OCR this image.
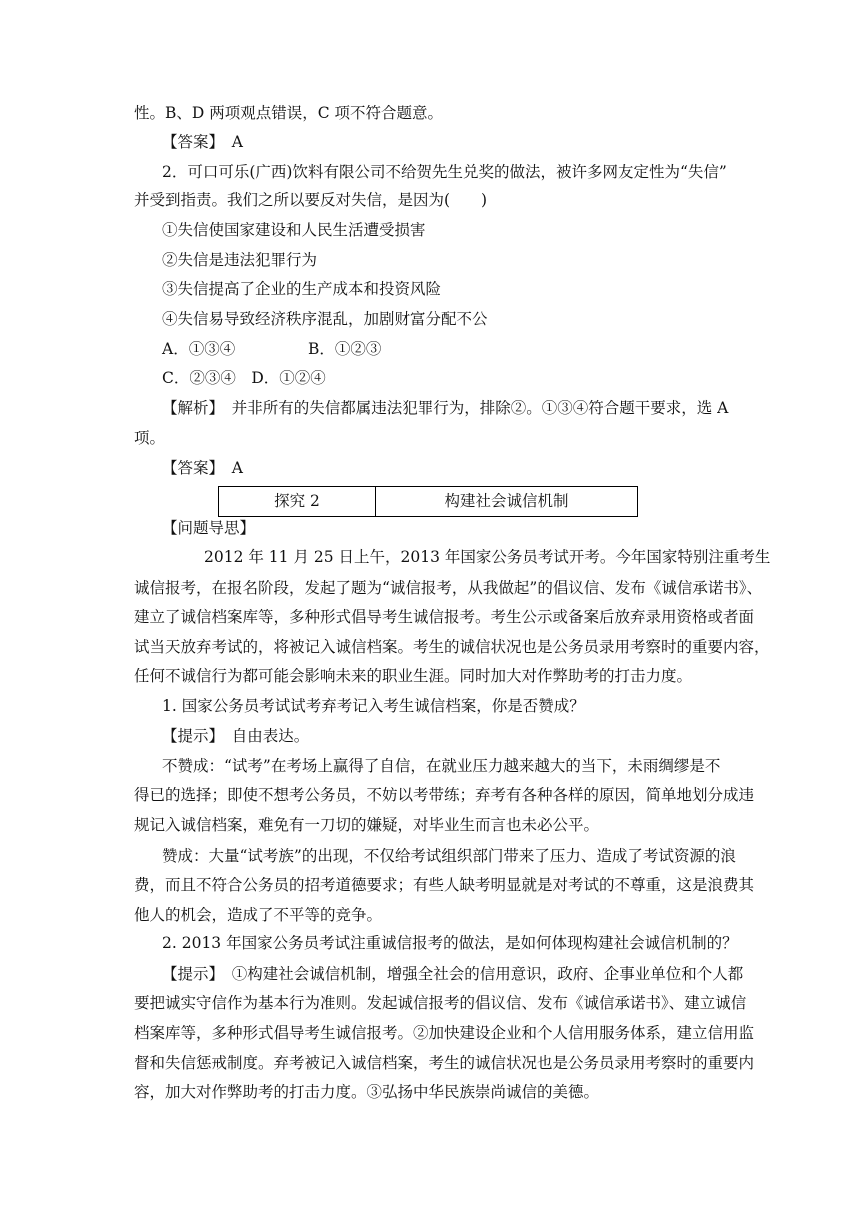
性。B、D 两项观点错误，C 项不符合题意。
【答案】　A
2．可口可乐(广西)饮料有限公司不给贺先生兑奖的做法，被许多网友定性为“失信”
并受到指责。我们之所以要反对失信，是因为(　　)
①失信使国家建设和人民生活遭受损害
②失信是违法犯罪行为
③失信提高了企业的生产成本和投资风险
④失信易导致经济秩序混乱，加剧财富分配不公
A．①③④	B．①②③
C．②③④　D．①②④
【解析】　并非所有的失信都属违法犯罪行为，排除②。①③④符合题干要求，选 A
项。
【答案】　A
探究 2	构建社会诚信机制
【问题导思】
2012 年 11 月 25 日上午，2013 年国家公务员考试开考。今年国家特别注重考生
诚信报考，在报名阶段，发起了题为“诚信报考，从我做起”的倡议信、发布《诚信承诺书》、
建立了诚信档案库等，多种形式倡导考生诚信报考。考生公示或备案后放弃录用资格或者面
试当天放弃考试的，将被记入诚信档案。考生的诚信状况也是公务员录用考察时的重要内容，
任何不诚信行为都可能会影响未来的职业生涯。同时加大对作弊助考的打击力度。
1. 国家公务员考试试考弃考记入考生诚信档案，你是否赞成？
【提示】　自由表达。
不赞成：“试考”在考场上赢得了自信，在就业压力越来越大的当下，未雨绸缪是不
得已的选择；即使不想考公务员，不妨以考带练；弃考有各种各样的原因，简单地划分成违
规记入诚信档案，难免有一刀切的嫌疑，对毕业生而言也未必公平。
赞成：大量“试考族”的出现，不仅给考试组织部门带来了压力、造成了考试资源的浪
费，而且不符合公务员的招考道德要求；有些人缺考明显就是对考试的不尊重，这是浪费其
他人的机会，造成了不平等的竞争。
2. 2013 年国家公务员考试注重诚信报考的做法，是如何体现构建社会诚信机制的？
【提示】　①构建社会诚信机制，增强全社会的信用意识，政府、企事业单位和个人都
要把诚实守信作为基本行为准则。发起诚信报考的倡议信、发布《诚信承诺书》、建立诚信
档案库等，多种形式倡导考生诚信报考。②加快建设企业和个人信用服务体系，建立信用监
督和失信惩戒制度。弃考被记入诚信档案，考生的诚信状况也是公务员录用考察时的重要内
容，加大对作弊助考的打击力度。③弘扬中华民族崇尚诚信的美德。
